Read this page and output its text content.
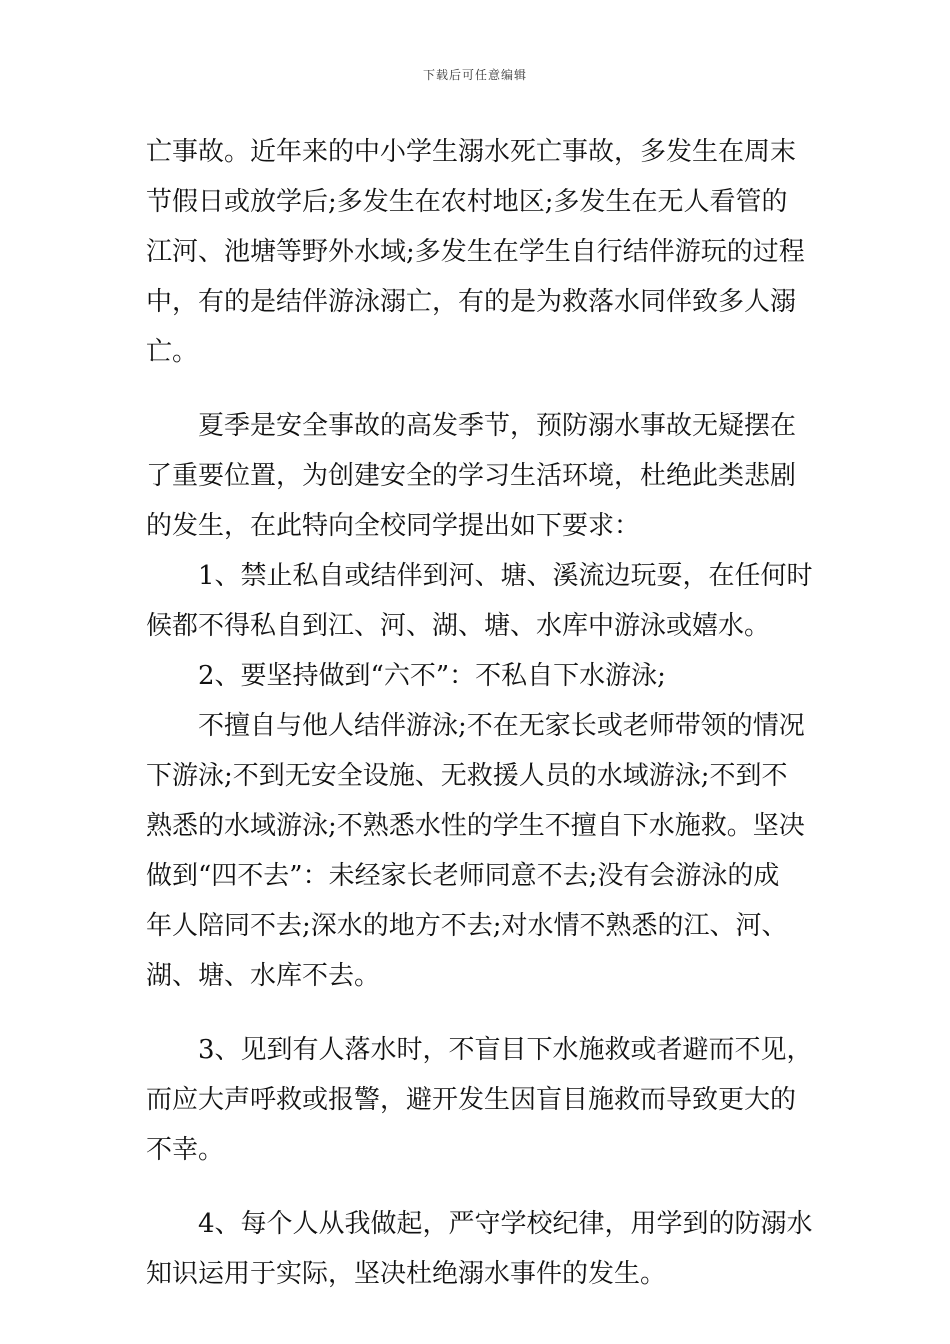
下载后可任意编辑
亡事故。近年来的中小学生溺水死亡事故，多发生在周末
节假日或放学后;多发生在农村地区;多发生在无人看管的
江河、池塘等野外水域;多发生在学生自行结伴游玩的过程
中，有的是结伴游泳溺亡，有的是为救落水同伴致多人溺
亡。
夏季是安全事故的高发季节，预防溺水事故无疑摆在
了重要位置，为创建安全的学习生活环境，杜绝此类悲剧
的发生，在此特向全校同学提出如下要求：
1、禁止私自或结伴到河、塘、溪流边玩耍，在任何时
候都不得私自到江、河、湖、塘、水库中游泳或嬉水。
2、要坚持做到“六不”：不私自下水游泳;
不擅自与他人结伴游泳;不在无家长或老师带领的情况
下游泳;不到无安全设施、无救援人员的水域游泳;不到不
熟悉的水域游泳;不熟悉水性的学生不擅自下水施救。坚决
做到“四不去”：未经家长老师同意不去;没有会游泳的成
年人陪同不去;深水的地方不去;对水情不熟悉的江、河、
湖、塘、水库不去。
3、见到有人落水时，不盲目下水施救或者避而不见，
而应大声呼救或报警，避开发生因盲目施救而导致更大的
不幸。
4、每个人从我做起，严守学校纪律，用学到的防溺水
知识运用于实际，坚决杜绝溺水事件的发生。
